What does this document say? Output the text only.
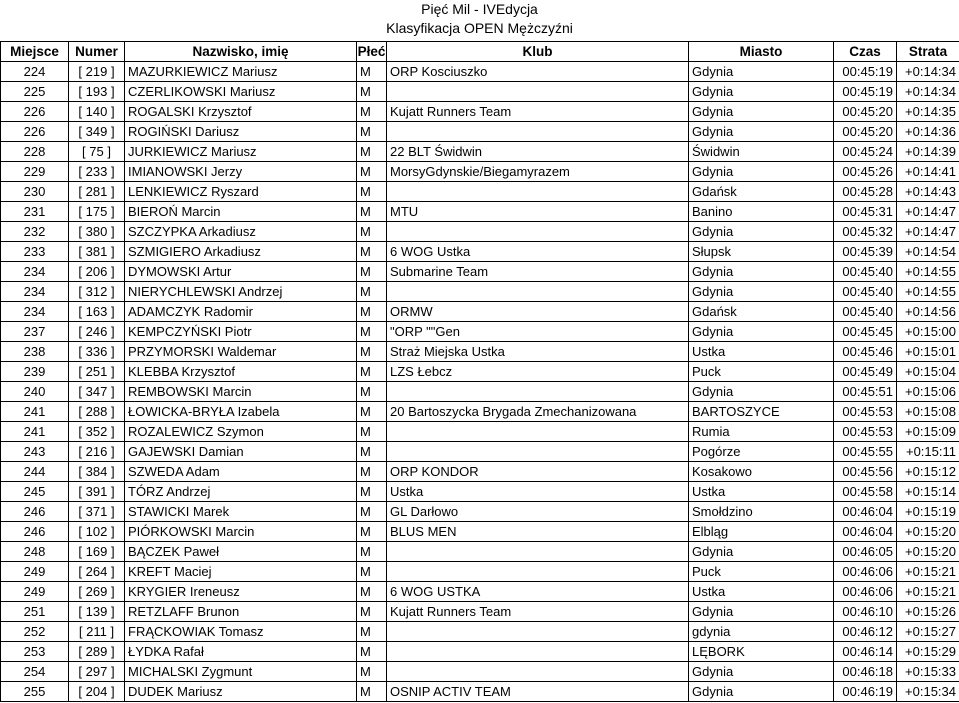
Pięć Mil - IVEdycja
Klasyfikacja OPEN Mężczyźni
Miejsce	Numer	Nazwisko, imię	Płeć	Klub	Miasto	Czas	Strata
224	[ 219 ]	MAZURKIEWICZ Mariusz	M	ORP Kosciuszko	Gdynia	00:45:19	+0:14:34
225	[ 193 ]	CZERLIKOWSKI Mariusz	M		Gdynia	00:45:19	+0:14:34
226	[ 140 ]	ROGALSKI Krzysztof	M	Kujatt Runners Team	Gdynia	00:45:20	+0:14:35
226	[ 349 ]	ROGIŃSKI Dariusz	M		Gdynia	00:45:20	+0:14:36
228	[ 75 ]	JURKIEWICZ Mariusz	M	22 BLT Świdwin	Świdwin	00:45:24	+0:14:39
229	[ 233 ]	IMIANOWSKI Jerzy	M	MorsyGdynskie/Biegamyrazem	Gdynia	00:45:26	+0:14:41
230	[ 281 ]	LENKIEWICZ Ryszard	M		Gdańsk	00:45:28	+0:14:43
231	[ 175 ]	BIEROŃ Marcin	M	MTU	Banino	00:45:31	+0:14:47
232	[ 380 ]	SZCZYPKA Arkadiusz	M		Gdynia	00:45:32	+0:14:47
233	[ 381 ]	SZMIGIERO Arkadiusz	M	6 WOG Ustka	Słupsk	00:45:39	+0:14:54
234	[ 206 ]	DYMOWSKI Artur	M	Submarine Team	Gdynia	00:45:40	+0:14:55
234	[ 312 ]	NIERYCHLEWSKI Andrzej	M		Gdynia	00:45:40	+0:14:55
234	[ 163 ]	ADAMCZYK Radomir	M	ORMW	Gdańsk	00:45:40	+0:14:56
237	[ 246 ]	KEMPCZYŃSKI Piotr	M	"ORP ""Gen	Gdynia	00:45:45	+0:15:00
238	[ 336 ]	PRZYMORSKI Waldemar	M	Straż Miejska Ustka	Ustka	00:45:46	+0:15:01
239	[ 251 ]	KLEBBA Krzysztof	M	LZS Łebcz	Puck	00:45:49	+0:15:04
240	[ 347 ]	REMBOWSKI Marcin	M		Gdynia	00:45:51	+0:15:06
241	[ 288 ]	ŁOWICKA-BRYŁA Izabela	M	20 Bartoszycka Brygada Zmechanizowana	BARTOSZYCE	00:45:53	+0:15:08
241	[ 352 ]	ROZALEWICZ Szymon	M		Rumia	00:45:53	+0:15:09
243	[ 216 ]	GAJEWSKI Damian	M		Pogórze	00:45:55	+0:15:11
244	[ 384 ]	SZWEDA Adam	M	ORP KONDOR	Kosakowo	00:45:56	+0:15:12
245	[ 391 ]	TÓRZ Andrzej	M	Ustka	Ustka	00:45:58	+0:15:14
246	[ 371 ]	STAWICKI Marek	M	GL Darłowo	Smołdzino	00:46:04	+0:15:19
246	[ 102 ]	PIÓRKOWSKI Marcin	M	BLUS MEN	Elbląg	00:46:04	+0:15:20
248	[ 169 ]	BĄCZEK Paweł	M		Gdynia	00:46:05	+0:15:20
249	[ 264 ]	KREFT Maciej	M		Puck	00:46:06	+0:15:21
249	[ 269 ]	KRYGIER Ireneusz	M	6 WOG USTKA	Ustka	00:46:06	+0:15:21
251	[ 139 ]	RETZLAFF Brunon	M	Kujatt Runners Team	Gdynia	00:46:10	+0:15:26
252	[ 211 ]	FRĄCKOWIAK Tomasz	M		gdynia	00:46:12	+0:15:27
253	[ 289 ]	ŁYDKA Rafał	M		LĘBORK	00:46:14	+0:15:29
254	[ 297 ]	MICHALSKI Zygmunt	M		Gdynia	00:46:18	+0:15:33
255	[ 204 ]	DUDEK Mariusz	M	OSNIP ACTIV TEAM	Gdynia	00:46:19	+0:15:34
